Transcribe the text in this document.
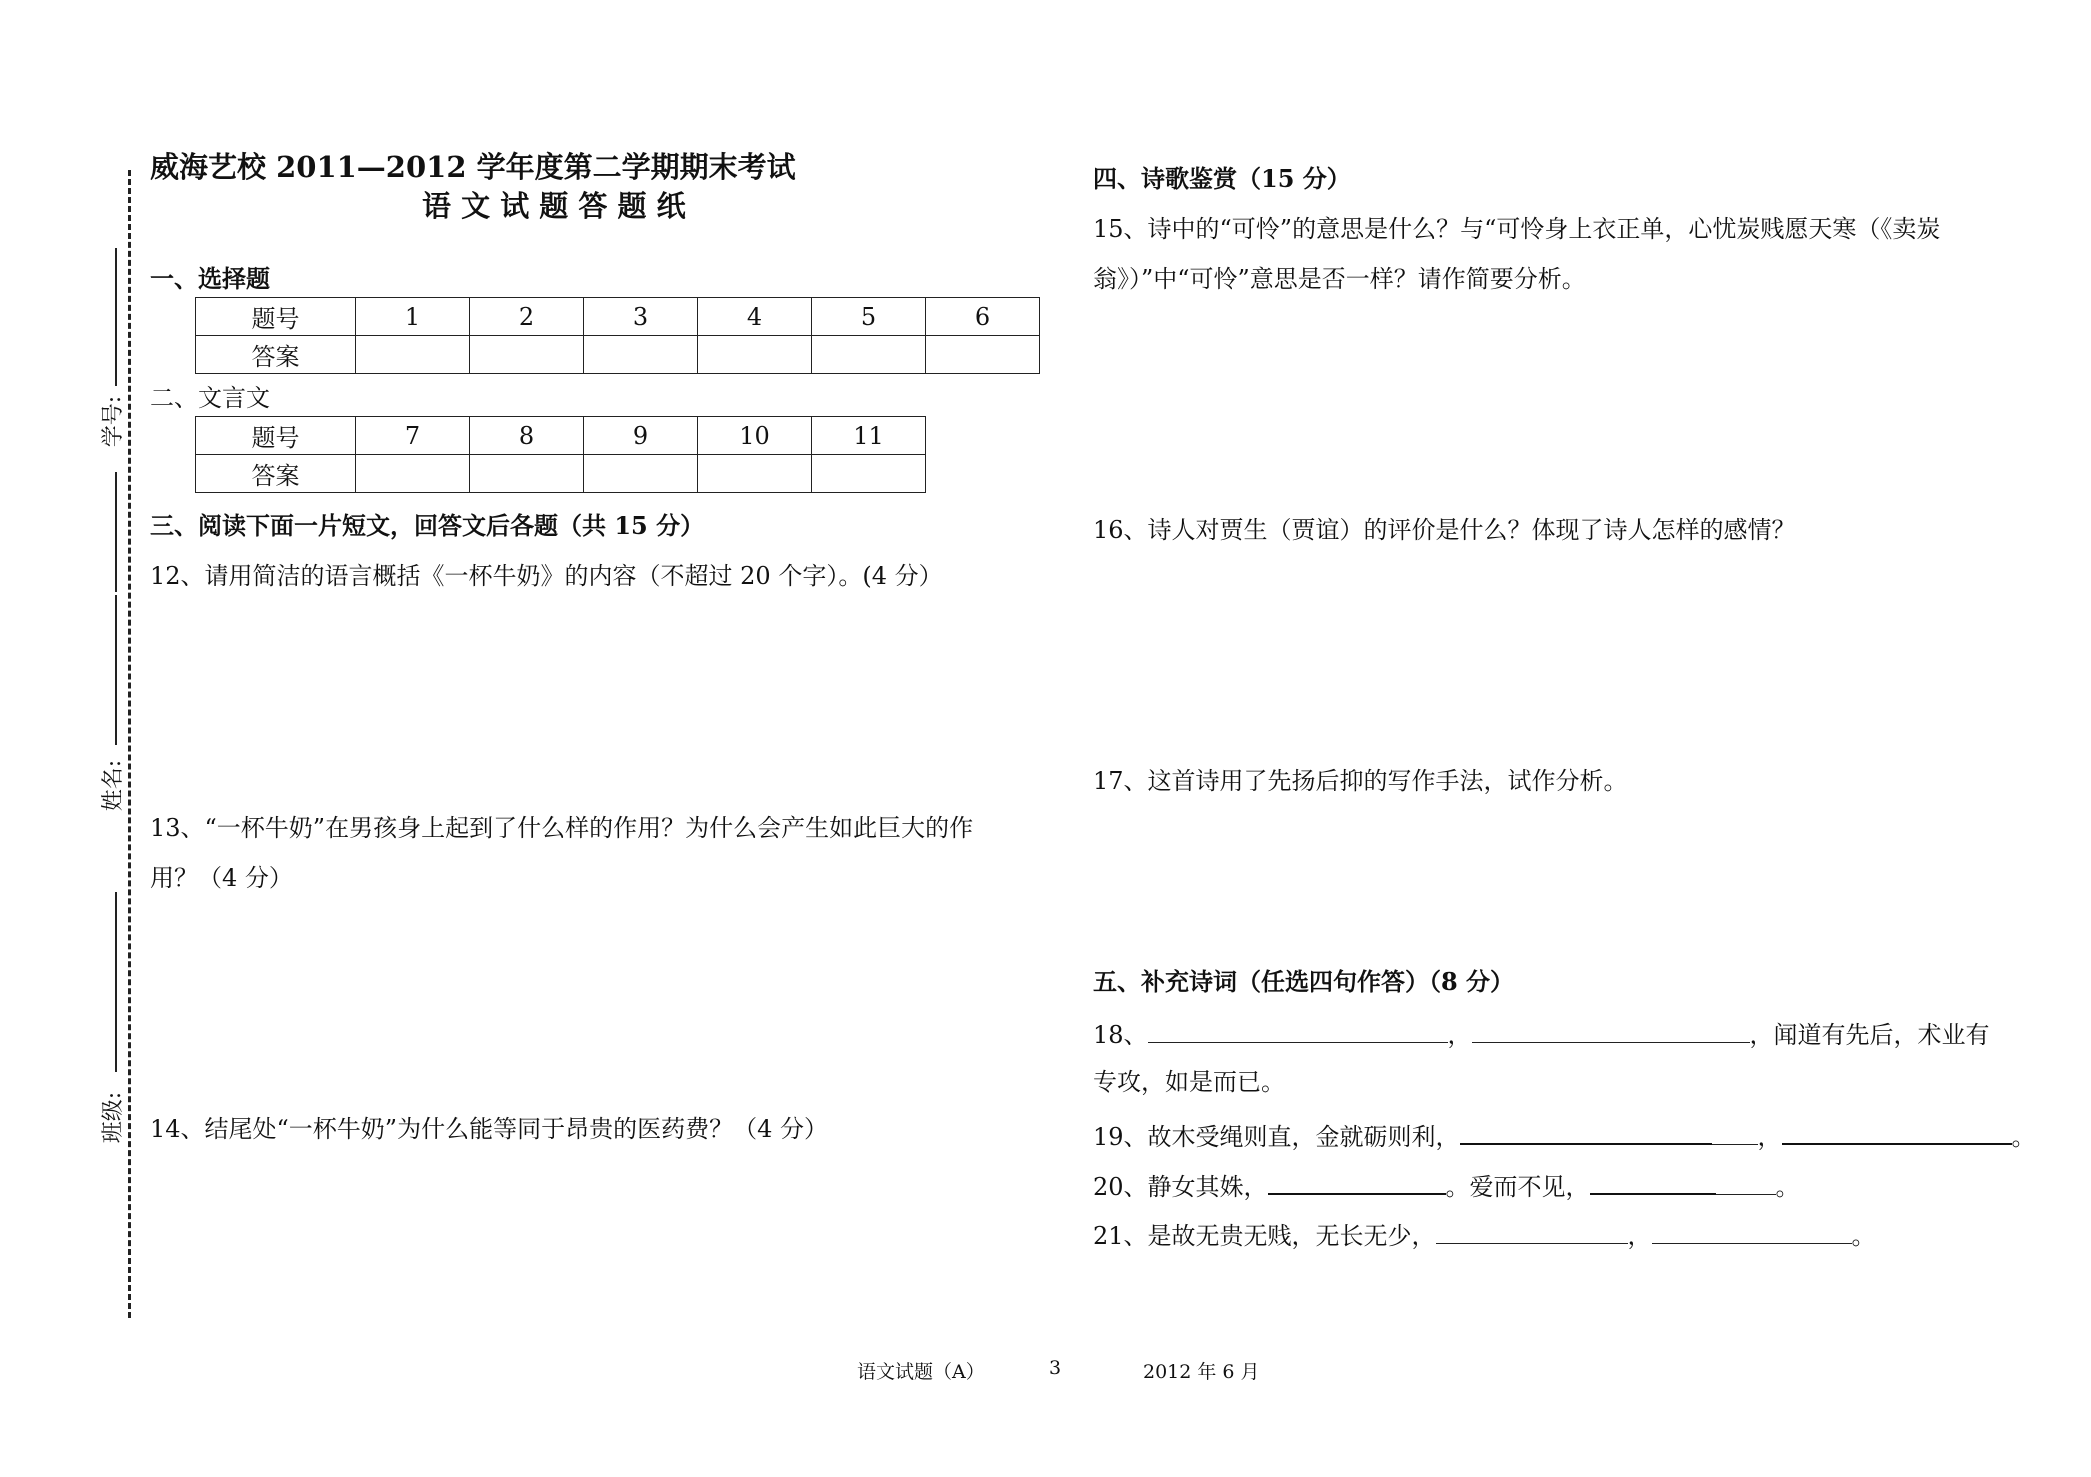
学号:
姓名:
班级:
威海艺校 2011—2012 学年度第二学期期末考试
语 文 试 题 答 题 纸
一、选择题
题号	1	2	3	4	5	6
答案						
二、文言文
题号	7	8	9	10	11
答案					
三、阅读下面一片短文，回答文后各题（共 15 分）
12、请用简洁的语言概括《一杯牛奶》的内容（不超过 20 个字）。(4 分）
13、“一杯牛奶”在男孩身上起到了什么样的作用？为什么会产生如此巨大的作
用？（4 分）
14、结尾处“一杯牛奶”为什么能等同于昂贵的医药费？（4 分）
四、诗歌鉴赏（15 分）
15、诗中的“可怜”的意思是什么？与“可怜身上衣正单，心忧炭贱愿天寒（《卖炭
翁》）”中“可怜”意思是否一样？请作简要分析。
16、诗人对贾生（贾谊）的评价是什么？体现了诗人怎样的感情？
17、这首诗用了先扬后抑的写作手法，试作分析。
五、补充诗词（任选四句作答）（8 分）
18、	，	，闻道有先后，术业有
专攻，如是而已。
19、故木受绳则直，金就砺则利，	，	。
20、静女其姝，	。爱而不见，	。
21、是故无贵无贱，无长无少，	，	。
语文试题（A）	3	2012 年 6 月
